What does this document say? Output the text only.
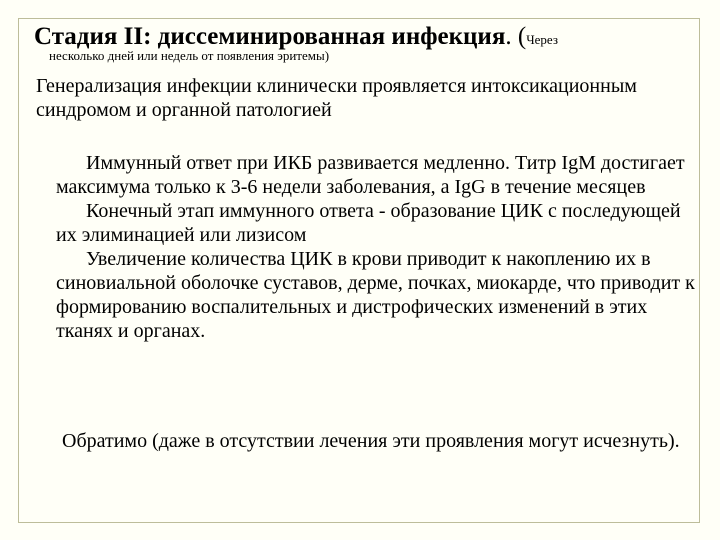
Стадия II: диссеминированная инфекция. (Через
несколько дней или недель от появления эритемы)

Генерализация инфекции клинически проявляется интоксикационным синдромом и органной патологией

Иммунный ответ при ИКБ развивается медленно. Титр IgM достигает максимума только к 3-6 недели заболевания, а IgG в течение месяцев

Конечный этап иммунного ответа - образование ЦИК с последующей их элиминацией или лизисом

Увеличение количества ЦИК в крови приводит к накоплению их в синовиальной оболочке суставов, дерме, почках, миокарде, что приводит к формированию воспалительных и дистрофических изменений в этих тканях и органах.

Обратимо (даже в отсутствии лечения эти проявления могут исчезнуть).
